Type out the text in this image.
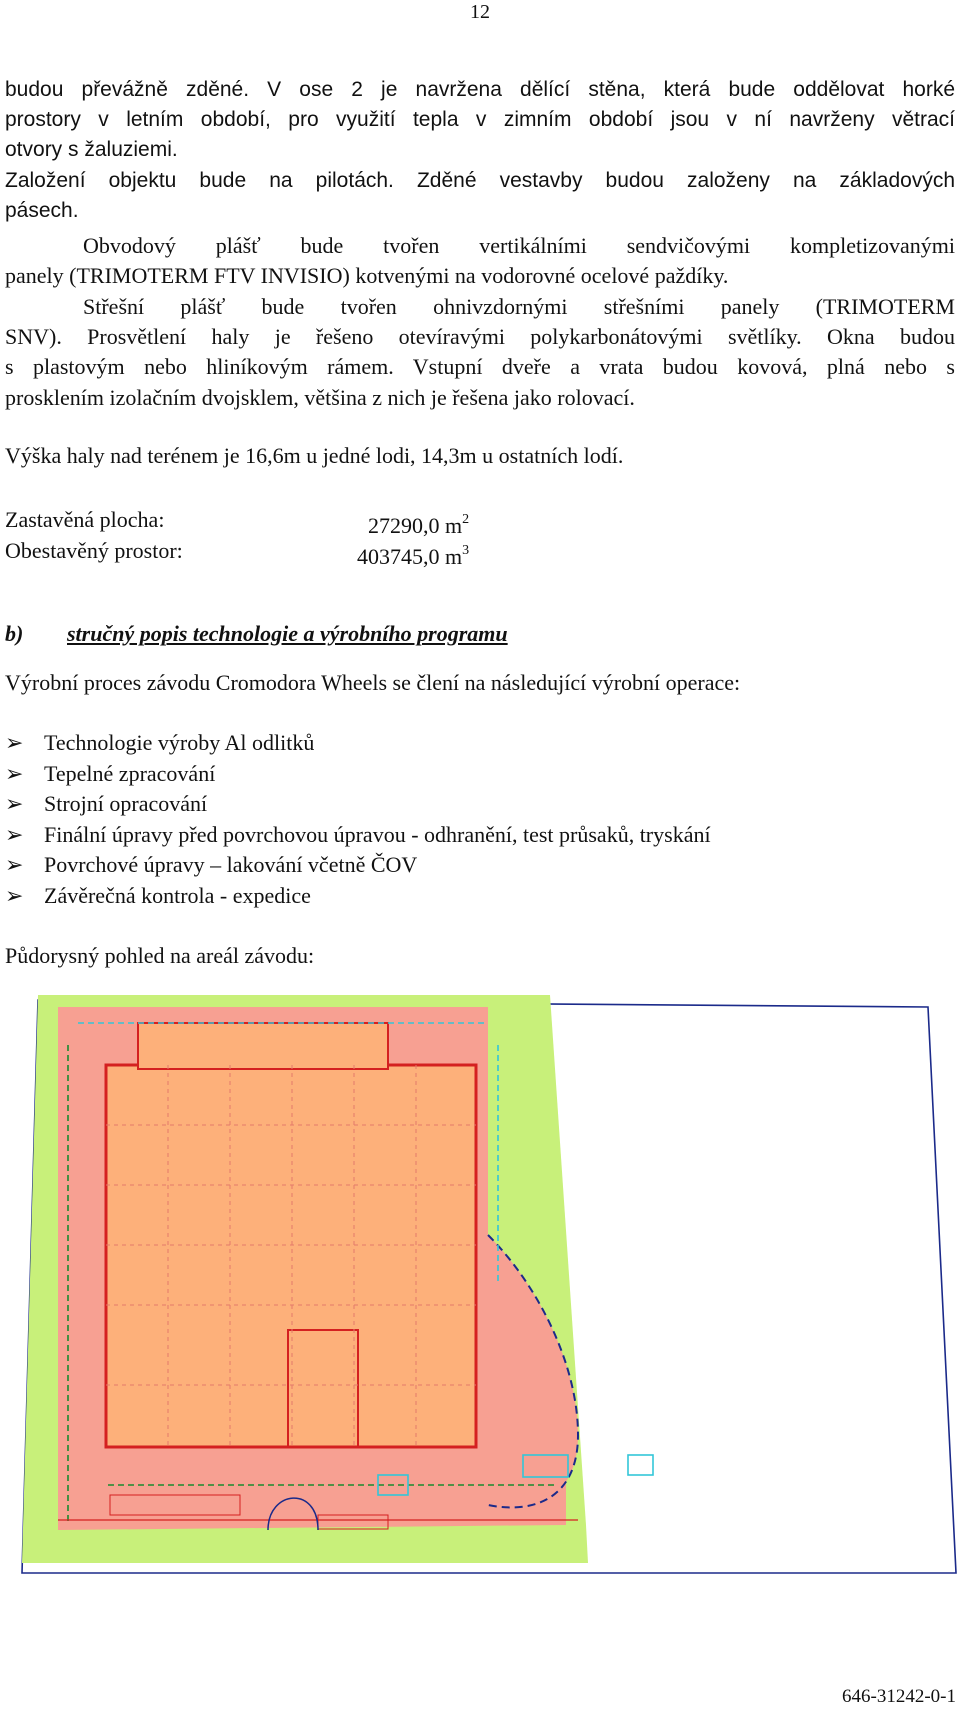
12
budou převážně zděné. V ose 2 je navržena dělící stěna, která bude oddělovat horké
prostory v letním období, pro využití tepla v zimním období jsou v ní navrženy větrací
otvory s žaluziemi.
Založení objektu bude na pilotách. Zděné vestavby budou založeny na základových
pásech.
Obvodový plášť bude tvořen vertikálními sendvičovými kompletizovanými
panely (TRIMOTERM FTV INVISIO) kotvenými na vodorovné ocelové paždíky.
Střešní plášť bude tvořen ohnivzdornými střešními panely (TRIMOTERM
SNV). Prosvětlení haly je řešeno otevíravými polykarbonátovými světlíky. Okna budou
s plastovým nebo hliníkovým rámem. Vstupní dveře a vrata budou kovová, plná nebo s
prosklením izolačním dvojsklem, většina z nich je řešena jako rolovací.
Výška haly nad terénem je 16,6m u jedné lodi, 14,3m u ostatních lodí.
Zastavěná plocha:	27290,0 $m^2$
Obestavěný prostor:	403745,0 $m^3$
b) stručný popis technologie a výrobního programu
Výrobní proces závodu Cromodora Wheels se člení na následující výrobní operace:
➢ Technologie výroby Al odlitků
➢ Tepelné zpracování
➢ Strojní opracování
➢ Finální úpravy před povrchovou úpravou - odhranění, test průsaků, tryskání
➢ Povrchové úpravy – lakování včetně ČOV
➢ Závěrečná kontrola - expedice
Půdorysný pohled na areál závodu:
646-31242-0-1
